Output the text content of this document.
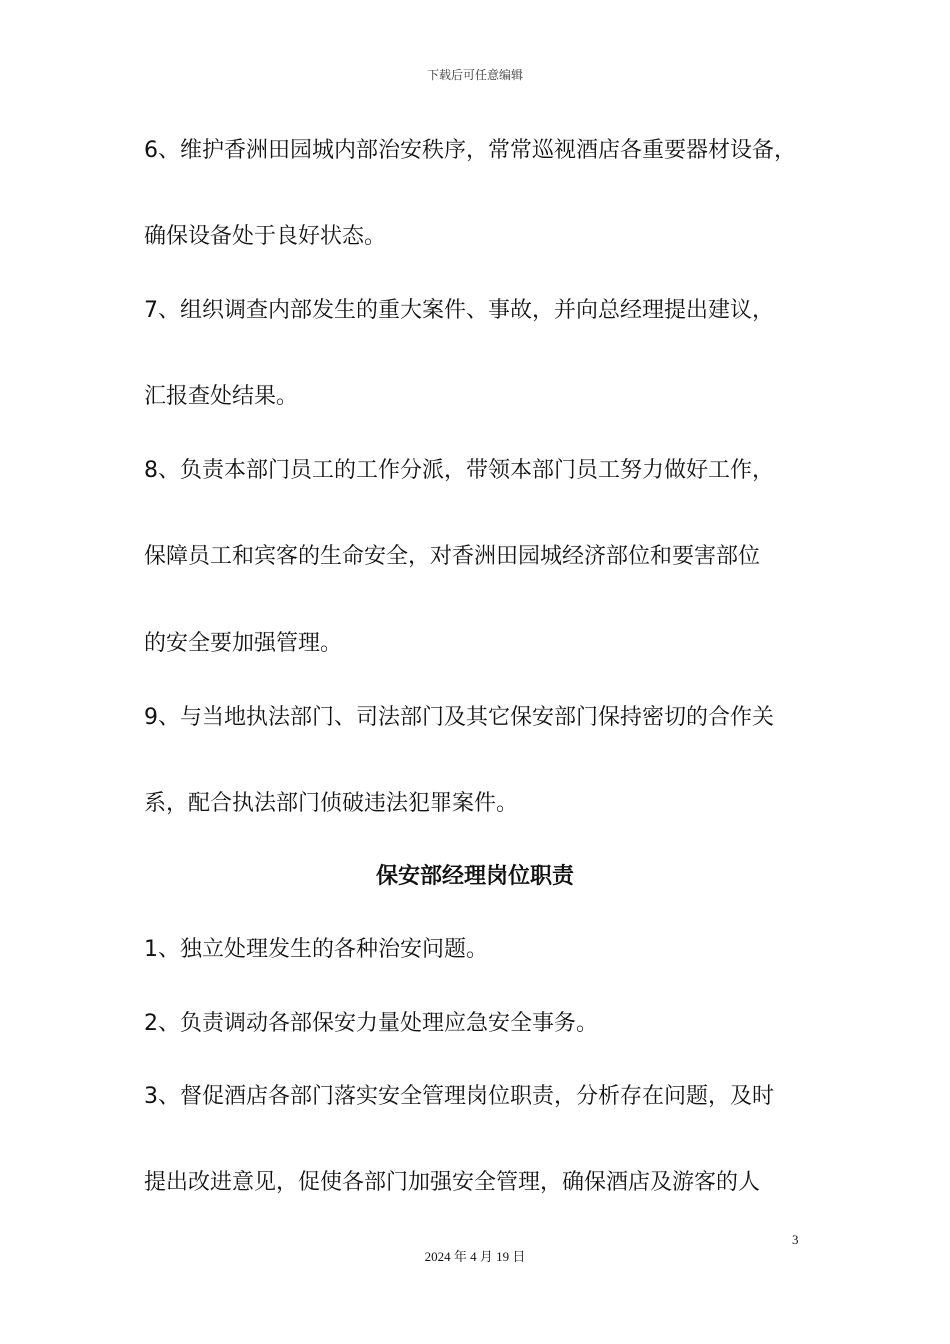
下载后可任意编辑
6、维护香洲田园城内部治安秩序，常常巡视酒店各重要器材设备，
确保设备处于良好状态。
7、组织调查内部发生的重大案件、事故，并向总经理提出建议，
汇报查处结果。
8、负责本部门员工的工作分派，带领本部门员工努力做好工作，
保障员工和宾客的生命安全，对香洲田园城经济部位和要害部位
的安全要加强管理。
9、与当地执法部门、司法部门及其它保安部门保持密切的合作关
系，配合执法部门侦破违法犯罪案件。
保安部经理岗位职责
1、独立处理发生的各种治安问题。
2、负责调动各部保安力量处理应急安全事务。
3、督促酒店各部门落实安全管理岗位职责，分析存在问题，及时
提出改进意见，促使各部门加强安全管理，确保酒店及游客的人
3
2024 年 4 月 19 日
